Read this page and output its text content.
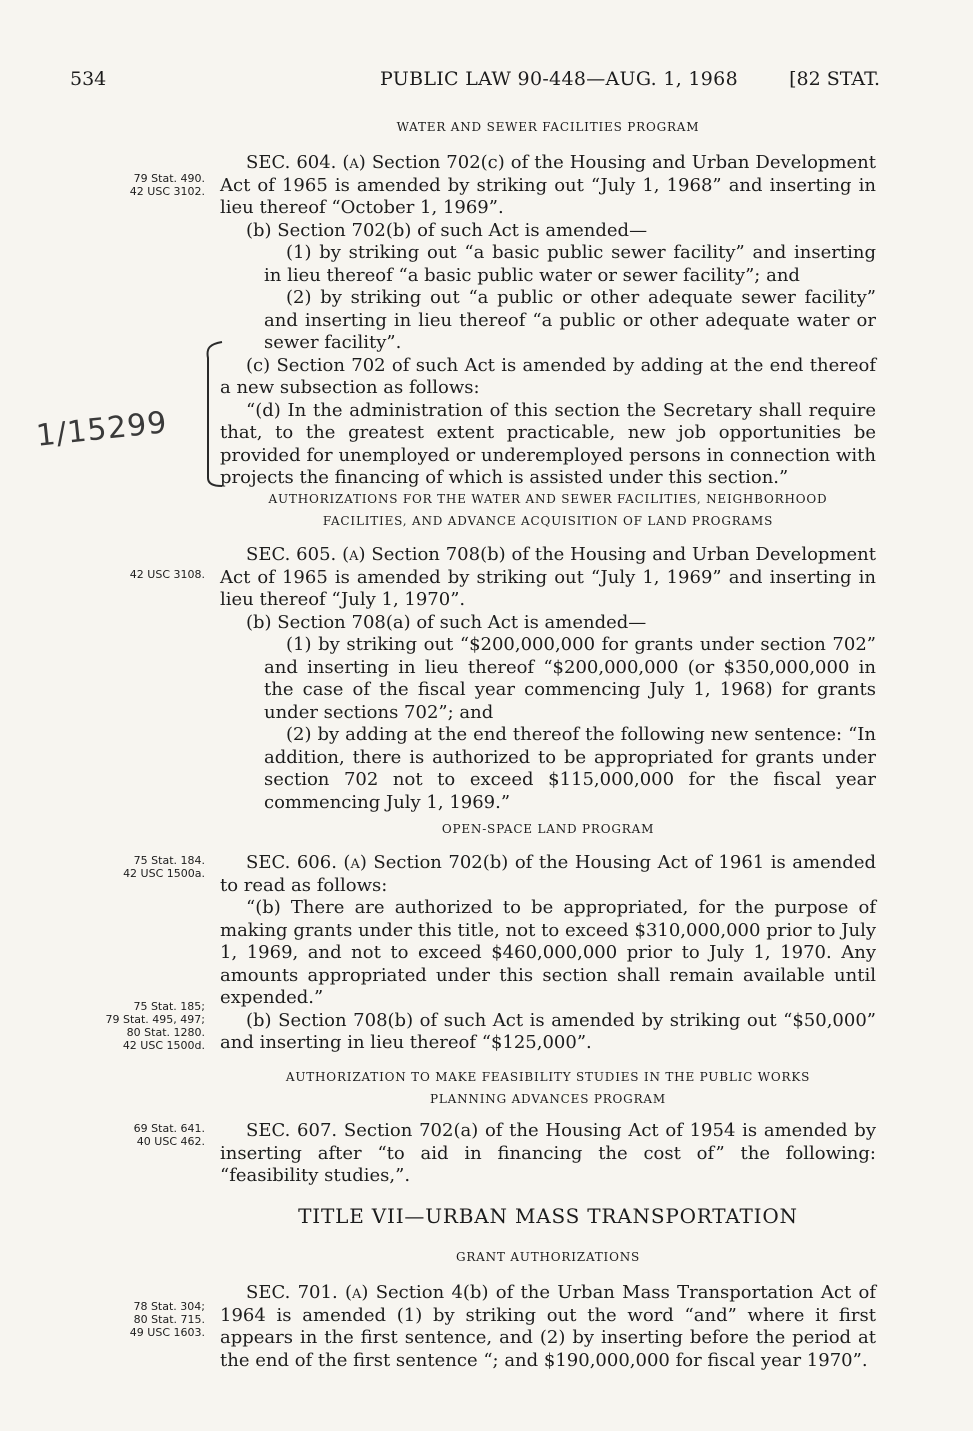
534	PUBLIC LAW 90-448—AUG. 1, 1968	[82 STAT.
WATER AND SEWER FACILITIES PROGRAM

SEC. 604. (a) Section 702(c) of the Housing and Urban Development Act of 1965 is amended by striking out “July 1, 1968” and inserting in lieu thereof “October 1, 1969”.

(b) Section 702(b) of such Act is amended—

(1) by striking out “a basic public sewer facility” and inserting in lieu thereof “a basic public water or sewer facility”; and

(2) by striking out “a public or other adequate sewer facility” and inserting in lieu thereof “a public or other adequate water or sewer facility”.

(c) Section 702 of such Act is amended by adding at the end thereof a new subsection as follows:

“(d) In the administration of this section the Secretary shall require that, to the greatest extent practicable, new job opportunities be provided for unemployed or underemployed persons in connection with projects the financing of which is assisted under this section.”

1/15299
AUTHORIZATIONS FOR THE WATER AND SEWER FACILITIES, NEIGHBORHOOD
FACILITIES, AND ADVANCE ACQUISITION OF LAND PROGRAMS

SEC. 605. (a) Section 708(b) of the Housing and Urban Development Act of 1965 is amended by striking out “July 1, 1969” and inserting in lieu thereof “July 1, 1970”.

(b) Section 708(a) of such Act is amended—

(1) by striking out “$200,000,000 for grants under section 702” and inserting in lieu thereof “$200,000,000 (or $350,000,000 in the case of the fiscal year commencing July 1, 1968) for grants under sections 702”; and

(2) by adding at the end thereof the following new sentence: “In addition, there is authorized to be appropriated for grants under section 702 not to exceed $115,000,000 for the fiscal year commencing July 1, 1969.”

OPEN-SPACE LAND PROGRAM

SEC. 606. (a) Section 702(b) of the Housing Act of 1961 is amended to read as follows:

“(b) There are authorized to be appropriated, for the purpose of making grants under this title, not to exceed $310,000,000 prior to July 1, 1969, and not to exceed $460,000,000 prior to July 1, 1970. Any amounts appropriated under this section shall remain available until expended.”

(b) Section 708(b) of such Act is amended by striking out “$50,000” and inserting in lieu thereof “$125,000”.

AUTHORIZATION TO MAKE FEASIBILITY STUDIES IN THE PUBLIC WORKS
PLANNING ADVANCES PROGRAM

SEC. 607. Section 702(a) of the Housing Act of 1954 is amended by inserting after “to aid in financing the cost of” the following: “feasibility studies,”.

TITLE VII—URBAN MASS TRANSPORTATION
GRANT AUTHORIZATIONS

SEC. 701. (a) Section 4(b) of the Urban Mass Transportation Act of 1964 is amended (1) by striking out the word “and” where it first appears in the first sentence, and (2) by inserting before the period at the end of the first sentence “; and $190,000,000 for fiscal year 1970”.

79 Stat. 490.
42 USC 3102.
42 USC 3108.
75 Stat. 184.
42 USC 1500a.
75 Stat. 185;
79 Stat. 495, 497;
80 Stat. 1280.
42 USC 1500d.
69 Stat. 641.
40 USC 462.
78 Stat. 304;
80 Stat. 715.
49 USC 1603.
